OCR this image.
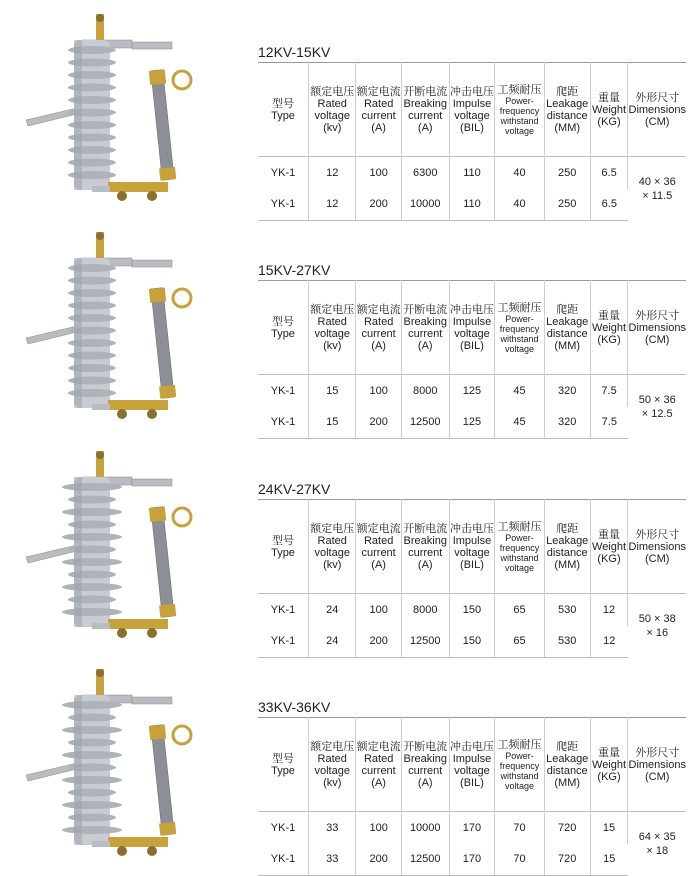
12KV-15KV
型号
Type	额定电压
Rated
voltage
(kv)	额定电流
Rated
current
(A)	开断电流
Breaking
current
(A)	冲击电压
Impulse
voltage
(BIL)	工频耐压
Power-
frequency
withstand
voltage	爬距
Leakage
distance
(MM)	重量
Weight
(KG)	外形尺寸
Dimensions
(CM)

YK-1	12	100	6300	110	40	250	6.5	40 × 36
× 11.5

YK-1	12	200	10000	110	40	250	6.5	
15KV-27KV
型号
Type	额定电压
Rated
voltage
(kv)	额定电流
Rated
current
(A)	开断电流
Breaking
current
(A)	冲击电压
Impulse
voltage
(BIL)	工频耐压
Power-
frequency
withstand
voltage	爬距
Leakage
distance
(MM)	重量
Weight
(KG)	外形尺寸
Dimensions
(CM)

YK-1	15	100	8000	125	45	320	7.5	50 × 36
× 12.5

YK-1	15	200	12500	125	45	320	7.5	
24KV-27KV
型号
Type	额定电压
Rated
voltage
(kv)	额定电流
Rated
current
(A)	开断电流
Breaking
current
(A)	冲击电压
Impulse
voltage
(BIL)	工频耐压
Power-
frequency
withstand
voltage	爬距
Leakage
distance
(MM)	重量
Weight
(KG)	外形尺寸
Dimensions
(CM)

YK-1	24	100	8000	150	65	530	12	50 × 38
× 16

YK-1	24	200	12500	150	65	530	12	
33KV-36KV
型号
Type	额定电压
Rated
voltage
(kv)	额定电流
Rated
current
(A)	开断电流
Breaking
current
(A)	冲击电压
Impulse
voltage
(BIL)	工频耐压
Power-
frequency
withstand
voltage	爬距
Leakage
distance
(MM)	重量
Weight
(KG)	外形尺寸
Dimensions
(CM)

YK-1	33	100	10000	170	70	720	15	64 × 35
× 18

YK-1	33	200	12500	170	70	720	15	
